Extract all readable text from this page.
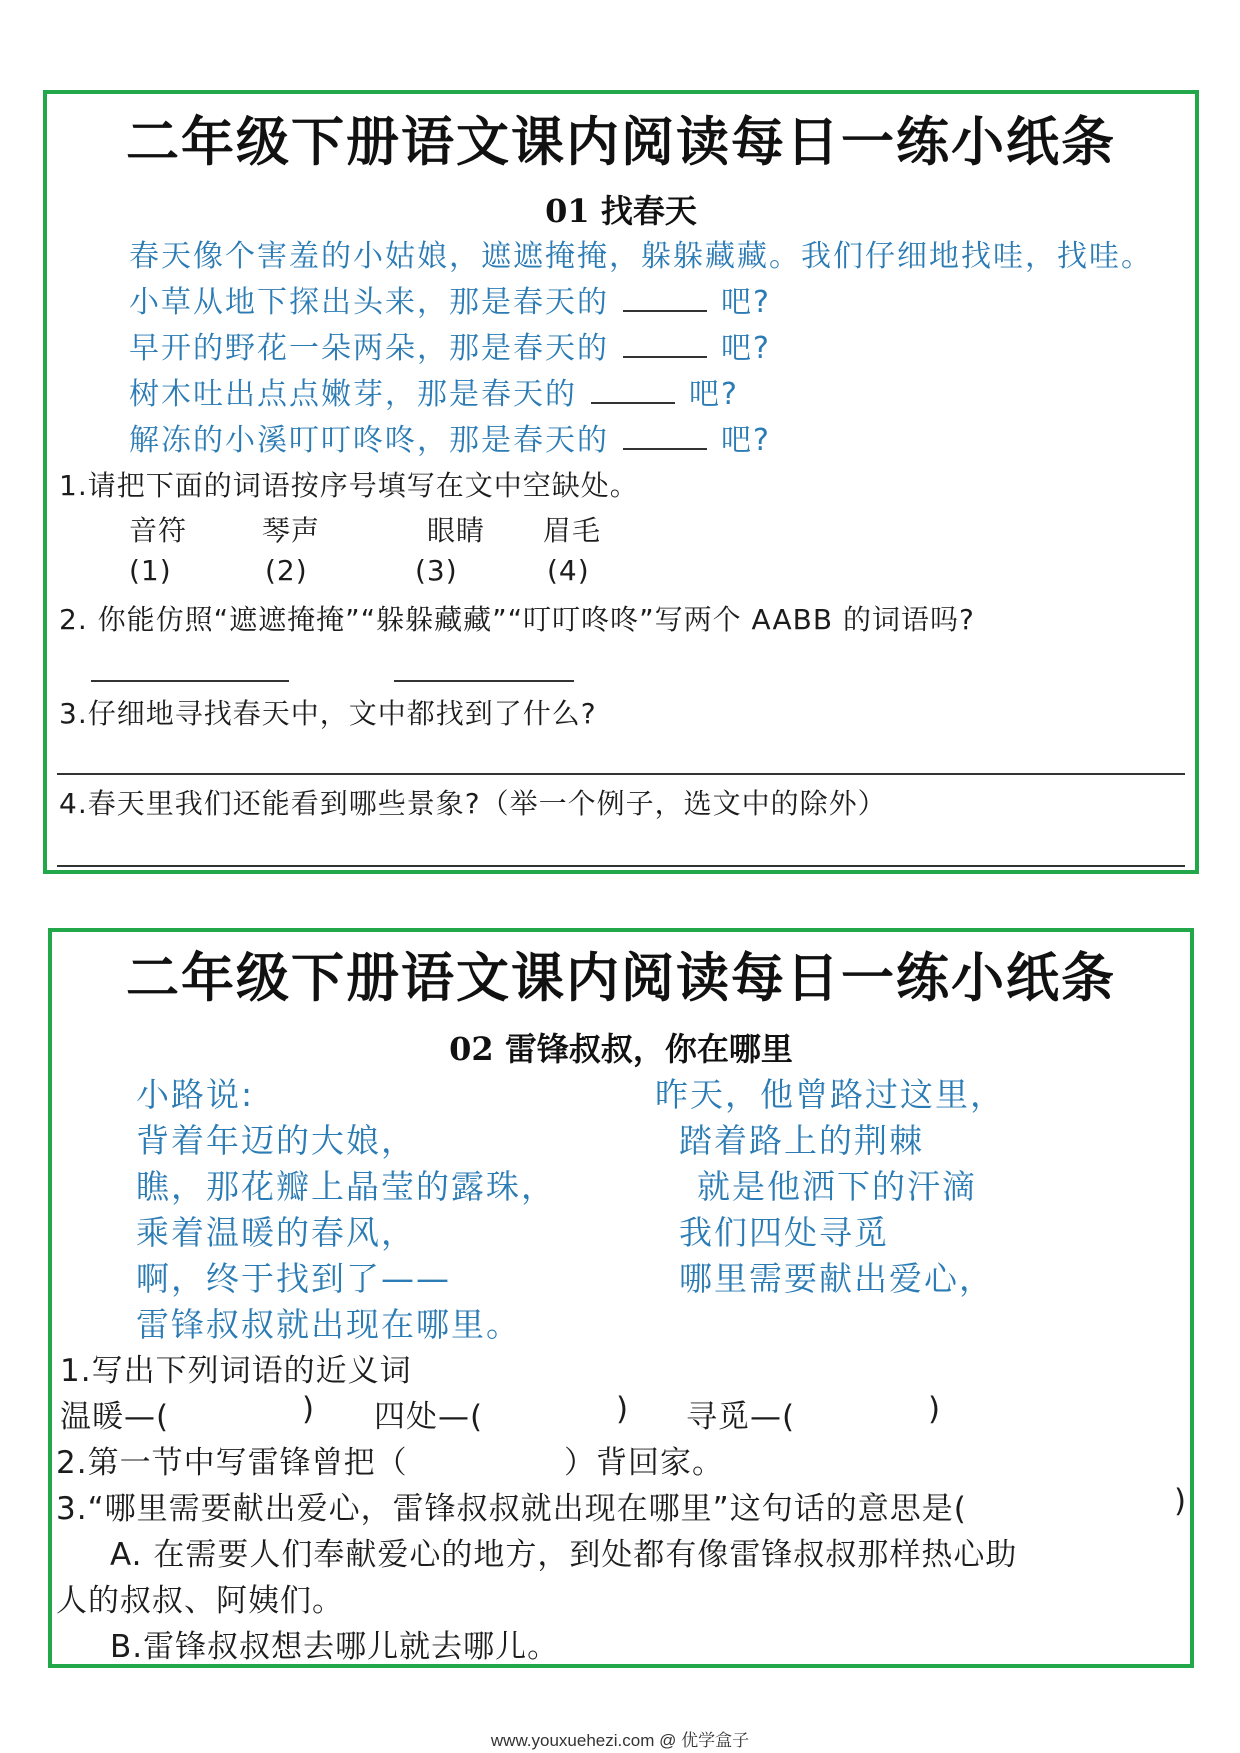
二年级下册语文课内阅读每日一练小纸条
01 找春天
春天像个害羞的小姑娘，遮遮掩掩，躲躲藏藏。我们仔细地找哇，找哇。
小草从地下探出头来，那是春天的	吧?
早开的野花一朵两朵，那是春天的	吧?
树木吐出点点嫩芽，那是春天的	吧?
解冻的小溪叮叮咚咚，那是春天的	吧?
1.请把下面的词语按序号填写在文中空缺处。
音符	琴声	眼睛 眉毛
(1)	(2)	(3)	(4)
2. 你能仿照“遮遮掩掩”“躲躲藏藏”“叮叮咚咚”写两个 AABB 的词语吗?
3.仔细地寻找春天中，文中都找到了什么?
4.春天里我们还能看到哪些景象?（举一个例子，选文中的除外）
二年级下册语文课内阅读每日一练小纸条
02 雷锋叔叔，你在哪里
小路说:
背着年迈的大娘，
瞧，那花瓣上晶莹的露珠，
乘着温暖的春风，
啊，终于找到了——
雷锋叔叔就出现在哪里。
昨天，他曾路过这里，
踏着路上的荆棘
就是他洒下的汗滴
我们四处寻觅
哪里需要献出爱心，
1.写出下列词语的近义词
温暖—(	) 四处—(	) 寻觅—(	)
2.第一节中写雷锋曾把（	）背回家。
3.“哪里需要献出爱心，雷锋叔叔就出现在哪里”这句话的意思是(	)
A. 在需要人们奉献爱心的地方，到处都有像雷锋叔叔那样热心助
人的叔叔、阿姨们。
B.雷锋叔叔想去哪儿就去哪儿。
www.youxuehezi.com @ 优学盒子
